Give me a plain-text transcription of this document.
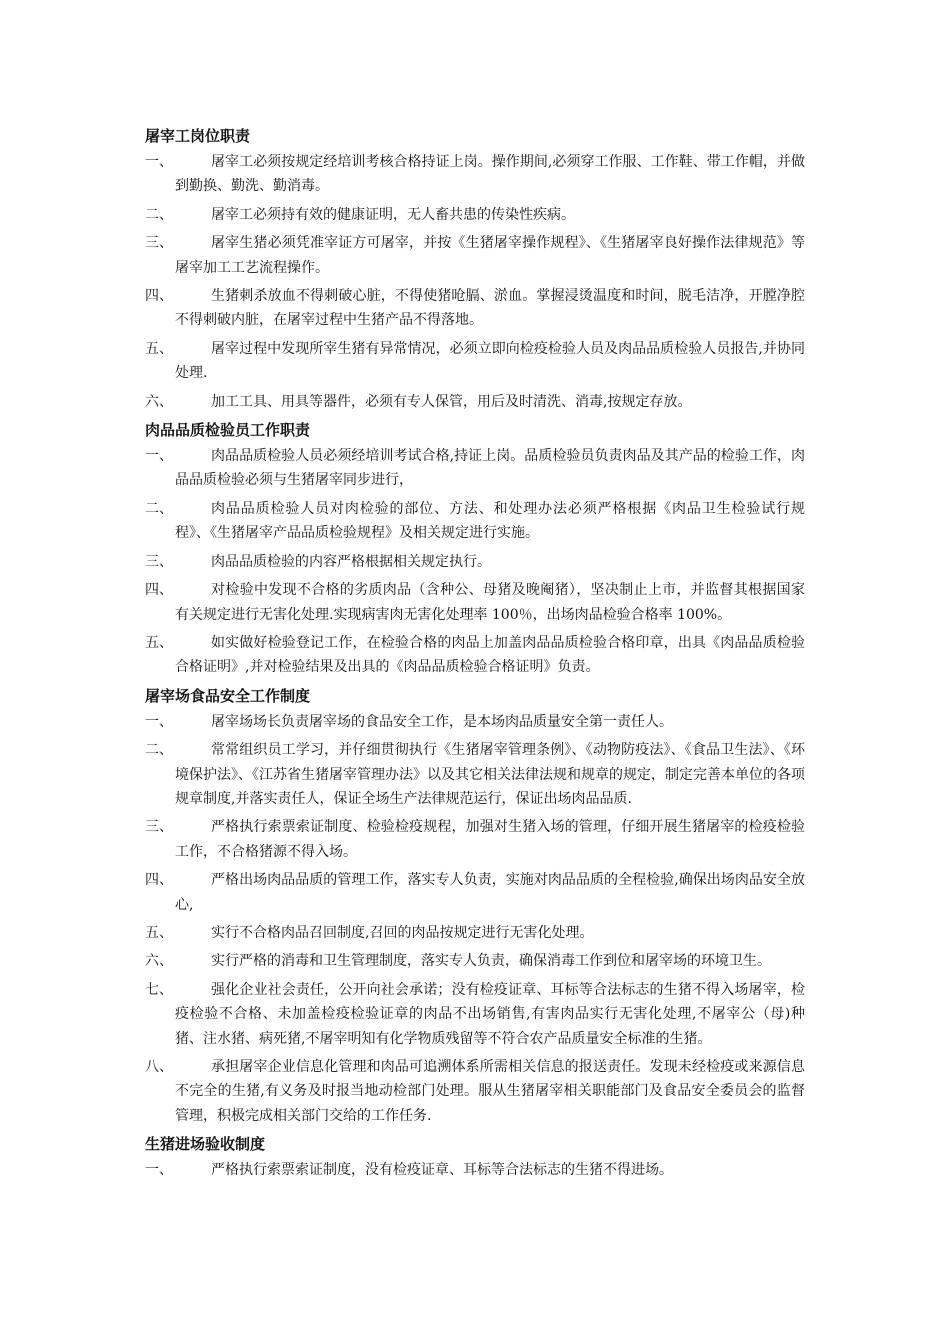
屠宰工岗位职责
一、	屠宰工必须按规定经培训考核合格持证上岗。操作期间,必须穿工作服、工作鞋、带工作帽，并做到勤换、勤洗、勤消毒。
二、	屠宰工必须持有效的健康证明，无人畜共患的传染性疾病。
三、	屠宰生猪必须凭准宰证方可屠宰，并按《生猪屠宰操作规程》、《生猪屠宰良好操作法律规范》等屠宰加工工艺流程操作。
四、	生猪刺杀放血不得刺破心脏，不得使猪呛膈、淤血。掌握浸烫温度和时间，脱毛洁净，开膛净腔不得刺破内脏，在屠宰过程中生猪产品不得落地。
五、	屠宰过程中发现所宰生猪有异常情况，必须立即向检疫检验人员及肉品品质检验人员报告,并协同处理.
六、	加工工具、用具等器件，必须有专人保管，用后及时清洗、消毒,按规定存放。
肉品品质检验员工作职责
一、	肉品品质检验人员必须经培训考试合格,持证上岗。品质检验员负责肉品及其产品的检验工作，肉品品质检验必须与生猪屠宰同步进行，
二、	肉品品质检验人员对肉检验的部位、方法、和处理办法必须严格根据《肉品卫生检验试行规程》、《生猪屠宰产品品质检验规程》及相关规定进行实施。
三、	肉品品质检验的内容严格根据相关规定执行。
四、	对检验中发现不合格的劣质肉品（含种公、母猪及晚阉猪），坚决制止上市，并监督其根据国家有关规定进行无害化处理.实现病害肉无害化处理率 100％，出场肉品检验合格率 100%。
五、	如实做好检验登记工作，在检验合格的肉品上加盖肉品品质检验合格印章，出具《肉品品质检验合格证明》,并对检验结果及出具的《肉品品质检验合格证明》负责。
屠宰场食品安全工作制度
一、	屠宰场场长负责屠宰场的食品安全工作，是本场肉品质量安全第一责任人。
二、	常常组织员工学习，并仔细贯彻执行《生猪屠宰管理条例》、《动物防疫法》、《食品卫生法》、《环境保护法》、《江苏省生猪屠宰管理办法》以及其它相关法律法规和规章的规定，制定完善本单位的各项规章制度,并落实责任人，保证全场生产法律规范运行，保证出场肉品品质.
三、	严格执行索票索证制度、检验检疫规程，加强对生猪入场的管理，仔细开展生猪屠宰的检疫检验工作，不合格猪源不得入场。
四、	严格出场肉品品质的管理工作，落实专人负责，实施对肉品品质的全程检验,确保出场肉品安全放心,
五、	实行不合格肉品召回制度,召回的肉品按规定进行无害化处理。
六、	实行严格的消毒和卫生管理制度，落实专人负责，确保消毒工作到位和屠宰场的环境卫生。
七、	强化企业社会责任，公开向社会承诺；没有检疫证章、耳标等合法标志的生猪不得入场屠宰，检疫检验不合格、未加盖检疫检验证章的肉品不出场销售,有害肉品实行无害化处理,不屠宰公（母)种猪、注水猪、病死猪,不屠宰明知有化学物质残留等不符合农产品质量安全标准的生猪。
八、	承担屠宰企业信息化管理和肉品可追溯体系所需相关信息的报送责任。发现未经检疫或来源信息不完全的生猪,有义务及时报当地动检部门处理。服从生猪屠宰相关职能部门及食品安全委员会的监督管理，积极完成相关部门交给的工作任务.
生猪进场验收制度
一、	严格执行索票索证制度，没有检疫证章、耳标等合法标志的生猪不得进场。
